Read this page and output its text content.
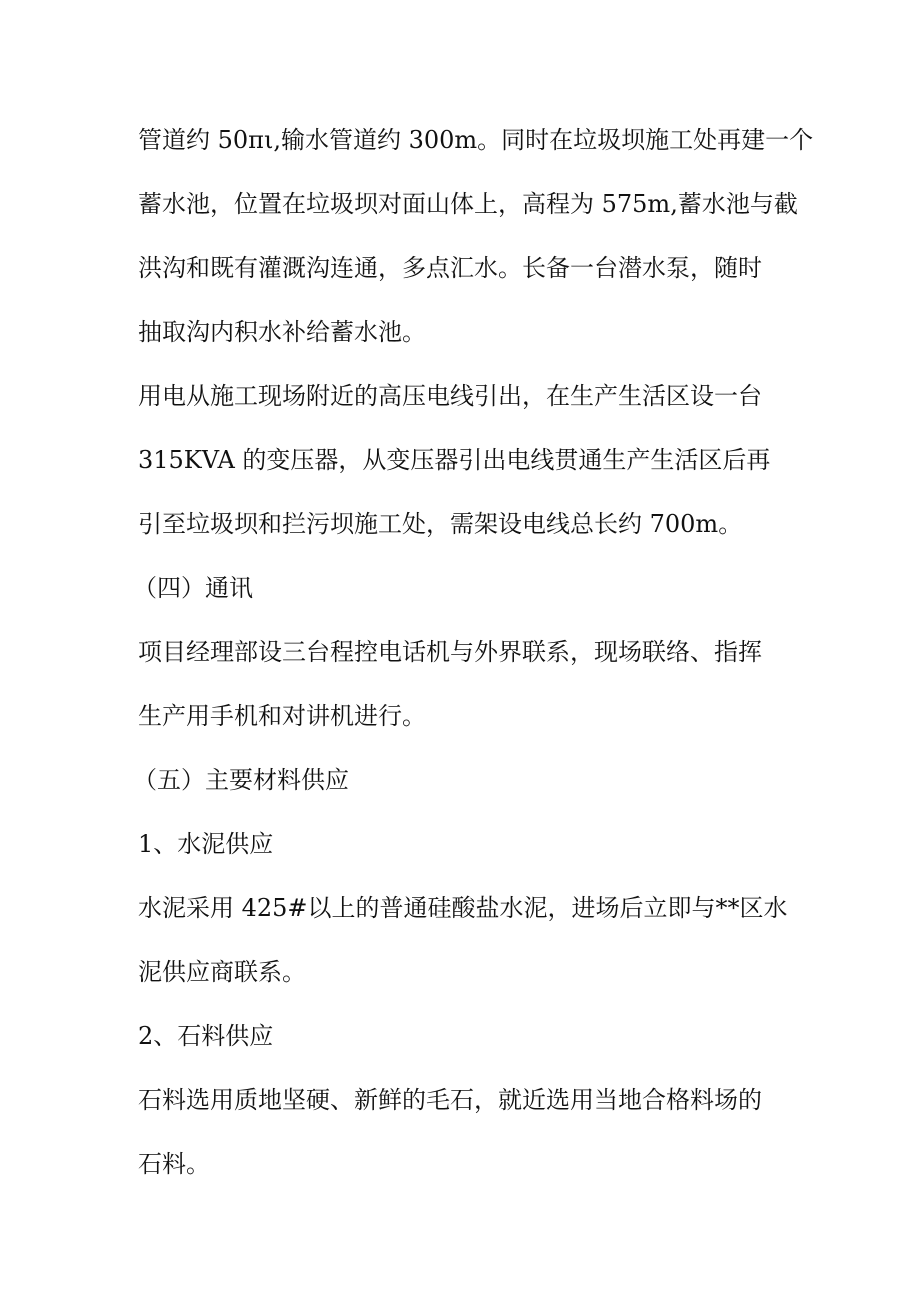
管道约 50πι,输水管道约 300m。同时在垃圾坝施工处再建一个
蓄水池，位置在垃圾坝对面山体上，高程为 575m,蓄水池与截
洪沟和既有灌溉沟连通，多点汇水。长备一台潜水泵，随时
抽取沟内积水补给蓄水池。
用电从施工现场附近的高压电线引出，在生产生活区设一台
315KVA 的变压器，从变压器引出电线贯通生产生活区后再
引至垃圾坝和拦污坝施工处，需架设电线总长约 700m。
（四）通讯
项目经理部设三台程控电话机与外界联系，现场联络、指挥
生产用手机和对讲机进行。
（五）主要材料供应
1、水泥供应
水泥采用 425#以上的普通硅酸盐水泥，进场后立即与**区水
泥供应商联系。
2、石料供应
石料选用质地坚硬、新鲜的毛石，就近选用当地合格料场的
石料。
